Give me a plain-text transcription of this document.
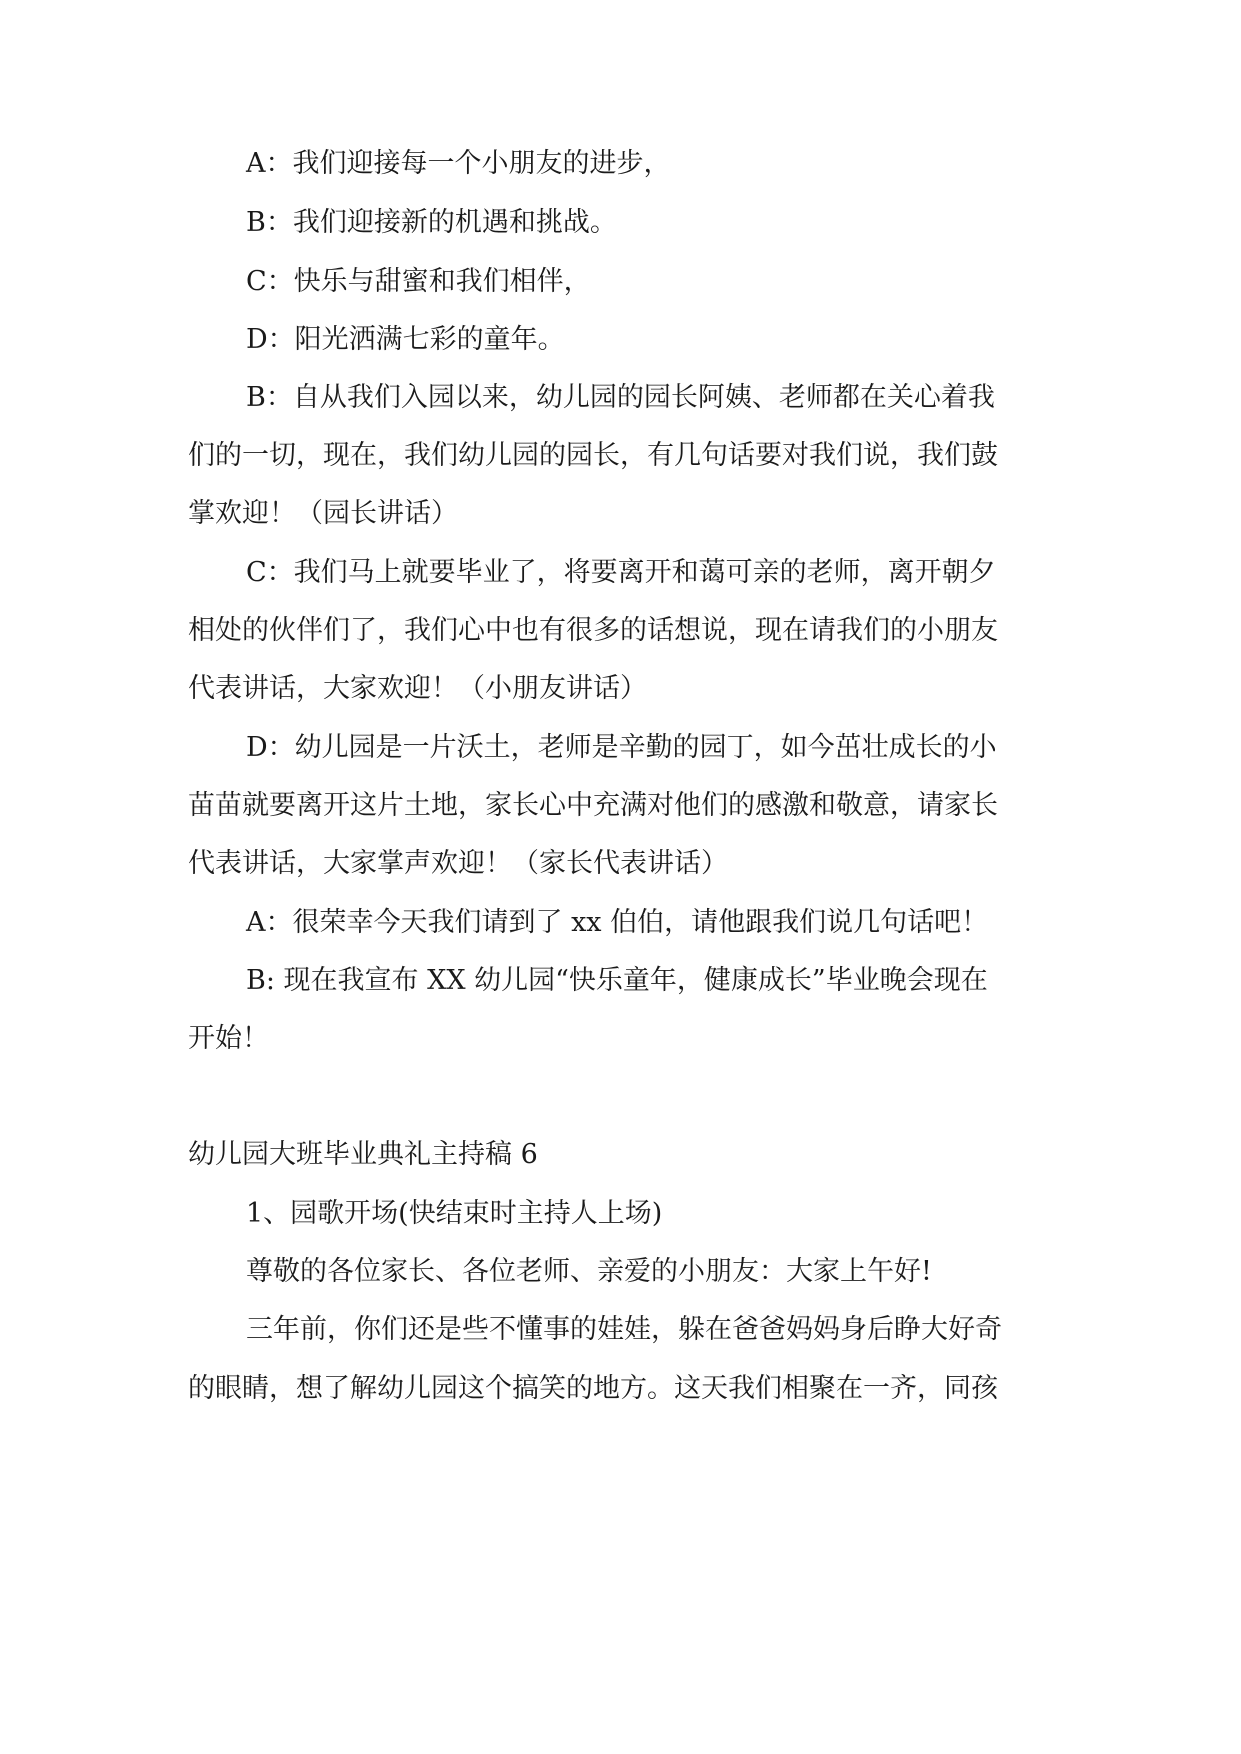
A：我们迎接每一个小朋友的进步，
B：我们迎接新的机遇和挑战。
C：快乐与甜蜜和我们相伴，
D：阳光洒满七彩的童年。
B：自从我们入园以来，幼儿园的园长阿姨、老师都在关心着我
们的一切，现在，我们幼儿园的园长，有几句话要对我们说，我们鼓
掌欢迎！（园长讲话）
C：我们马上就要毕业了，将要离开和蔼可亲的老师，离开朝夕
相处的伙伴们了，我们心中也有很多的话想说，现在请我们的小朋友
代表讲话，大家欢迎！（小朋友讲话）
D：幼儿园是一片沃土，老师是辛勤的园丁，如今茁壮成长的小
苗苗就要离开这片土地，家长心中充满对他们的感激和敬意，请家长
代表讲话，大家掌声欢迎！（家长代表讲话）
A：很荣幸今天我们请到了 xx 伯伯，请他跟我们说几句话吧！
B: 现在我宣布 XX 幼儿园“快乐童年，健康成长”毕业晚会现在
开始！
幼儿园大班毕业典礼主持稿 6
1、园歌开场(快结束时主持人上场)
尊敬的各位家长、各位老师、亲爱的小朋友：大家上午好!
三年前，你们还是些不懂事的娃娃，躲在爸爸妈妈身后睁大好奇
的眼睛，想了解幼儿园这个搞笑的地方。这天我们相聚在一齐，同孩
